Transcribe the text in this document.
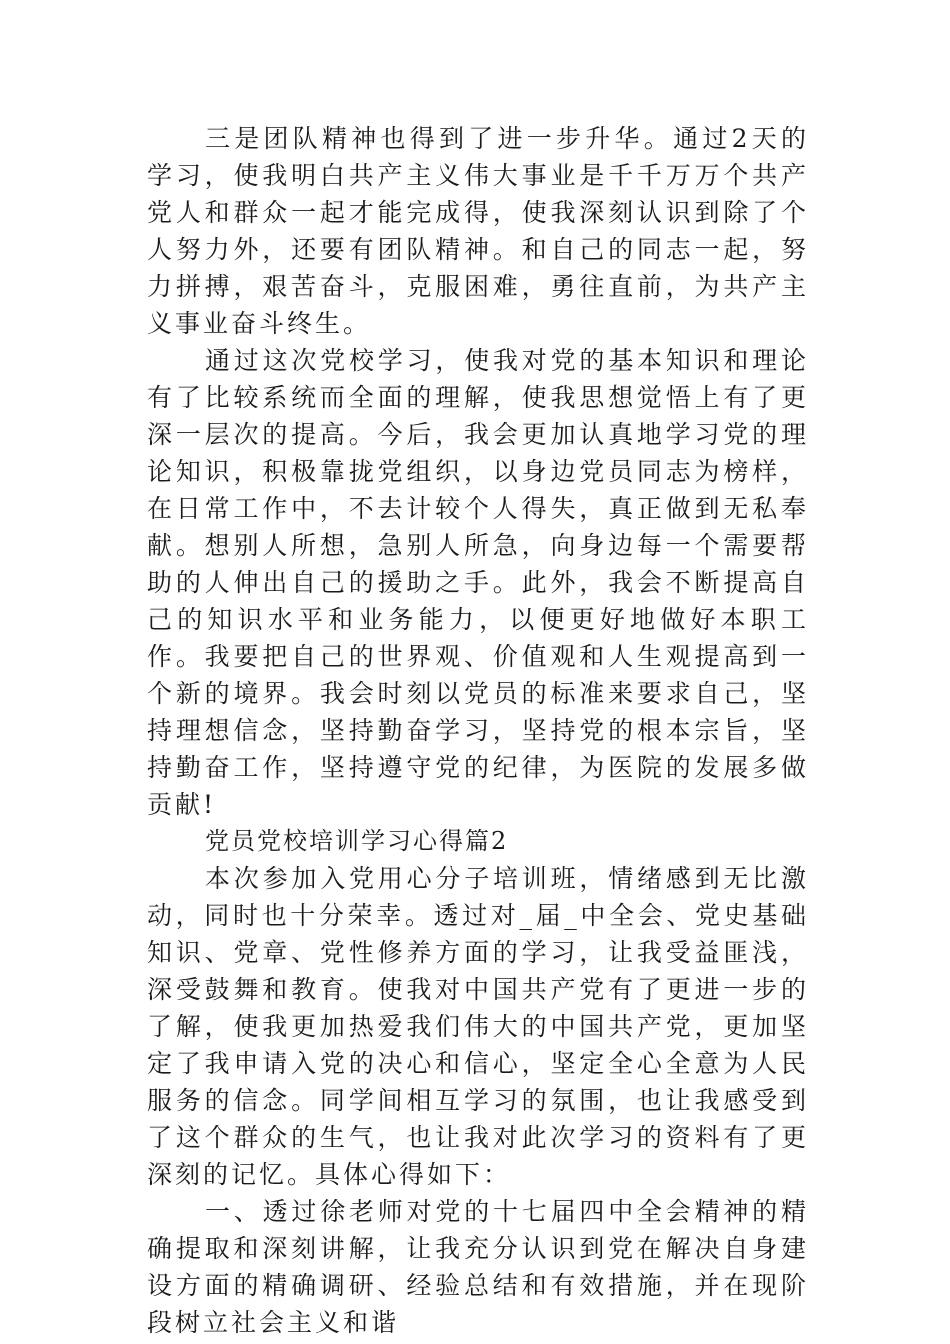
三是团队精神也得到了进一步升华。通过2天的学习，使我明白共产主义伟大事业是千千万万个共产党人和群众一起才能完成得，使我深刻认识到除了个人努力外，还要有团队精神。和自己的同志一起，努力拼搏，艰苦奋斗，克服困难，勇往直前，为共产主义事业奋斗终生。

通过这次党校学习，使我对党的基本知识和理论有了比较系统而全面的理解，使我思想觉悟上有了更深一层次的提高。今后，我会更加认真地学习党的理论知识，积极靠拢党组织，以身边党员同志为榜样，在日常工作中，不去计较个人得失，真正做到无私奉献。想别人所想，急别人所急，向身边每一个需要帮助的人伸出自己的援助之手。此外，我会不断提高自己的知识水平和业务能力，以便更好地做好本职工作。我要把自己的世界观、价值观和人生观提高到一个新的境界。我会时刻以党员的标准来要求自己，坚持理想信念，坚持勤奋学习，坚持党的根本宗旨，坚持勤奋工作，坚持遵守党的纪律，为医院的发展多做贡献!

党员党校培训学习心得篇2

本次参加入党用心分子培训班，情绪感到无比激动，同时也十分荣幸。透过对_届_中全会、党史基础知识、党章、党性修养方面的学习，让我受益匪浅，深受鼓舞和教育。使我对中国共产党有了更进一步的了解，使我更加热爱我们伟大的中国共产党，更加坚定了我申请入党的决心和信心，坚定全心全意为人民服务的信念。同学间相互学习的氛围，也让我感受到了这个群众的生气，也让我对此次学习的资料有了更深刻的记忆。具体心得如下：

一、透过徐老师对党的十七届四中全会精神的精确提取和深刻讲解，让我充分认识到党在解决自身建设方面的精确调研、经验总结和有效措施，并在现阶段树立社会主义和谐
